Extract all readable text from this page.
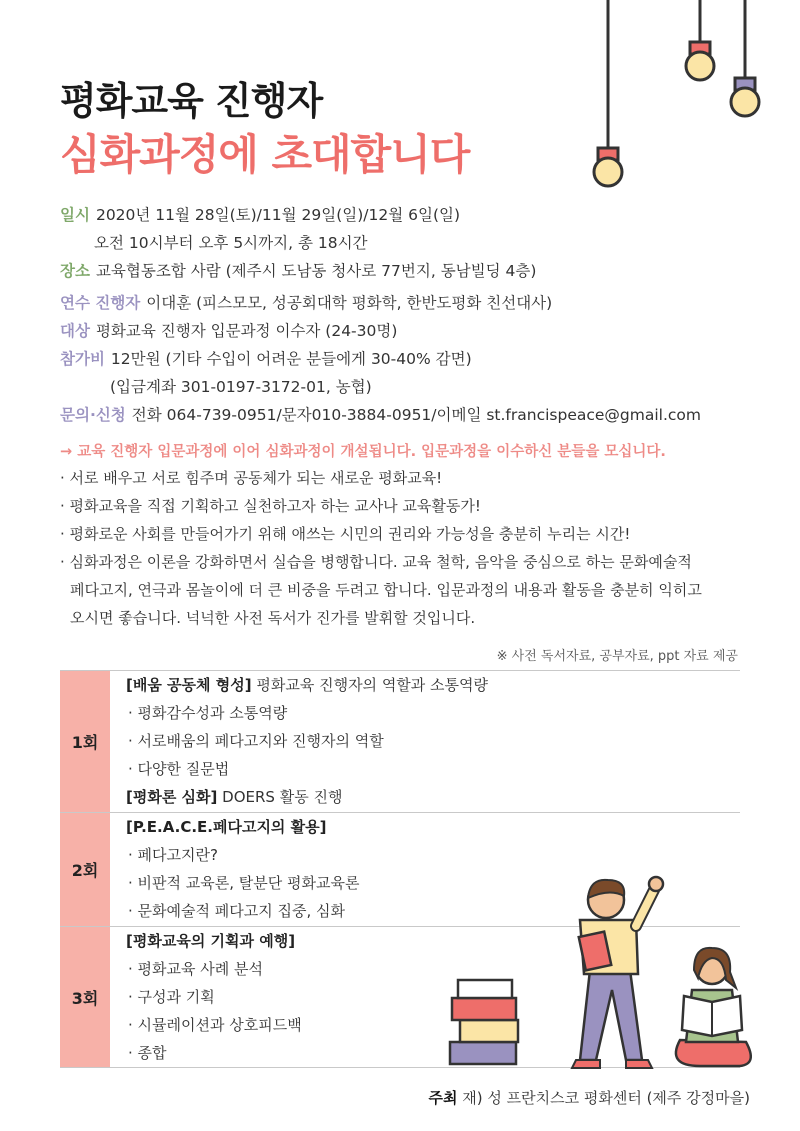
평화교육 진행자
심화과정에 초대합니다
일시 2020년 11월 28일(토)/11월 29일(일)/12월 6일(일)
오전 10시부터 오후 5시까지, 총 18시간
장소 교육협동조합 사람 (제주시 도남동 청사로 77번지, 동남빌딩 4층)
연수 진행자 이대훈 (피스모모, 성공회대학 평화학, 한반도평화 친선대사)
대상 평화교육 진행자 입문과정 이수자 (24-30명)
참가비 12만원 (기타 수입이 어려운 분들에게 30-40% 감면)
(입금계좌 301-0197-3172-01, 농협)
문의·신청 전화 064-739-0951/문자010-3884-0951/이메일 st.francispeace@gmail.com
→ 교육 진행자 입문과정에 이어 심화과정이 개설됩니다. 입문과정을 이수하신 분들을 모십니다.
· 서로 배우고 서로 힘주며 공동체가 되는 새로운 평화교육!
· 평화교육을 직접 기획하고 실천하고자 하는 교사나 교육활동가!
· 평화로운 사회를 만들어가기 위해 애쓰는 시민의 권리와 가능성을 충분히 누리는 시간!
· 심화과정은 이론을 강화하면서 실습을 병행합니다. 교육 철학, 음악을 중심으로 하는 문화예술적
페다고지, 연극과 몸놀이에 더 큰 비중을 두려고 합니다. 입문과정의 내용과 활동을 충분히 익히고
오시면 좋습니다. 넉넉한 사전 독서가 진가를 발휘할 것입니다.
※ 사전 독서자료, 공부자료, ppt 자료 제공
1회
[배움 공동체 형성] 평화교육 진행자의 역할과 소통역량
· 평화감수성과 소통역량
· 서로배움의 페다고지와 진행자의 역할
· 다양한 질문법
[평화론 심화] DOERS 활동 진행
2회
[P.E.A.C.E.페다고지의 활용]
· 페다고지란?
· 비판적 교육론, 탈분단 평화교육론
· 문화예술적 페다고지 집중, 심화
3회
[평화교육의 기획과 예행]
· 평화교육 사례 분석
· 구성과 기획
· 시뮬레이션과 상호피드백
· 종합
주최 재) 성 프란치스코 평화센터 (제주 강정마을)
